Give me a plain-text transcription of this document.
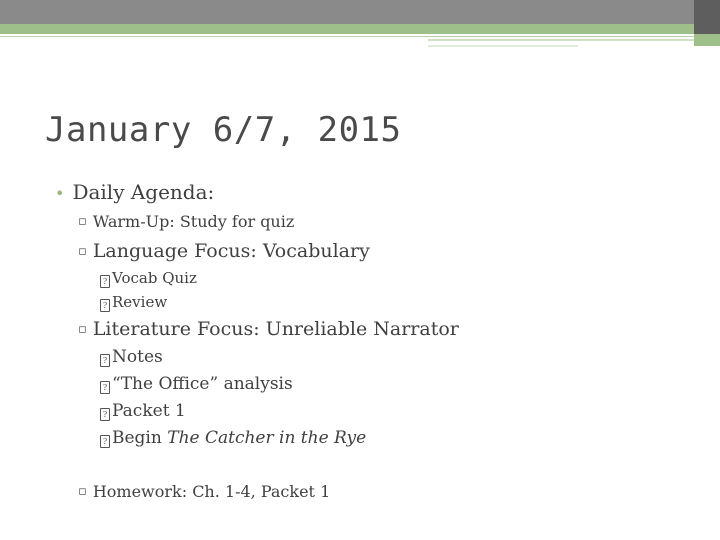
January 6/7, 2015
• Daily Agenda:
▫ Warm-Up: Study for quiz
▫ Language Focus: Vocabulary
? Vocab Quiz
? Review
▫ Literature Focus: Unreliable Narrator
? Notes
? “The Office” analysis
? Packet 1
? Begin The Catcher in the Rye
▫ Homework: Ch. 1-4, Packet 1
